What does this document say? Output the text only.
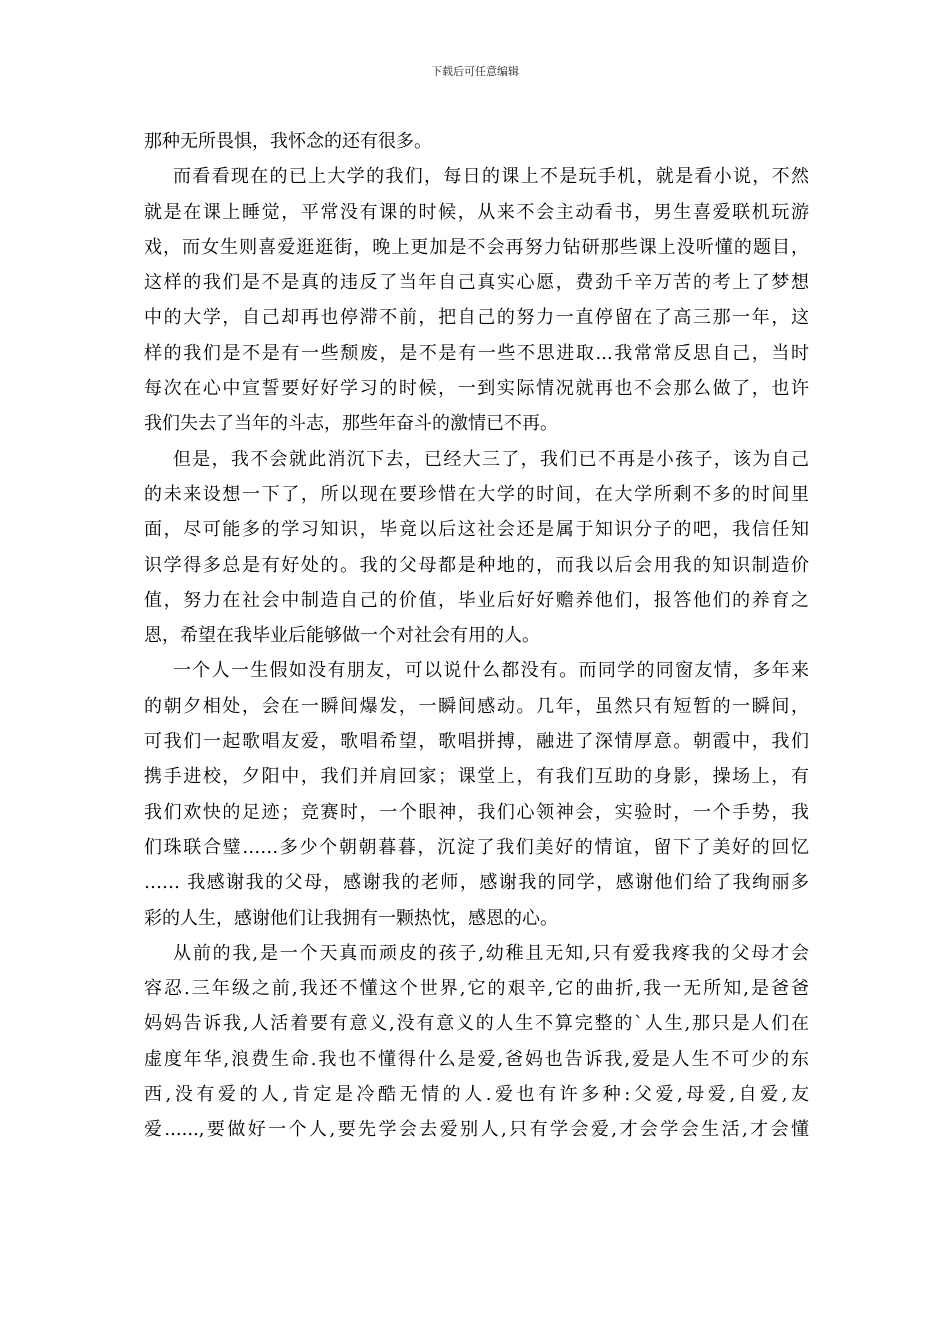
下载后可任意编辑
那种无所畏惧，我怀念的还有很多。
而看看现在的已上大学的我们，每日的课上不是玩手机，就是看小说，不然
就是在课上睡觉，平常没有课的时候，从来不会主动看书，男生喜爱联机玩游
戏，而女生则喜爱逛逛街，晚上更加是不会再努力钻研那些课上没听懂的题目，
这样的我们是不是真的违反了当年自己真实心愿，费劲千辛万苦的考上了梦想
中的大学，自己却再也停滞不前，把自己的努力一直停留在了高三那一年，这
样的我们是不是有一些颓废，是不是有一些不思进取...我常常反思自己，当时
每次在心中宣誓要好好学习的时候，一到实际情况就再也不会那么做了，也许
我们失去了当年的斗志，那些年奋斗的激情已不再。
但是，我不会就此消沉下去，已经大三了，我们已不再是小孩子，该为自己
的未来设想一下了，所以现在要珍惜在大学的时间，在大学所剩不多的时间里
面，尽可能多的学习知识，毕竟以后这社会还是属于知识分子的吧，我信任知
识学得多总是有好处的。我的父母都是种地的，而我以后会用我的知识制造价
值，努力在社会中制造自己的价值，毕业后好好赡养他们，报答他们的养育之
恩，希望在我毕业后能够做一个对社会有用的人。
一个人一生假如没有朋友，可以说什么都没有。而同学的同窗友情，多年来
的朝夕相处，会在一瞬间爆发，一瞬间感动。几年，虽然只有短暂的一瞬间，
可我们一起歌唱友爱，歌唱希望，歌唱拼搏，融进了深情厚意。朝霞中，我们
携手进校，夕阳中，我们并肩回家；课堂上，有我们互助的身影，操场上，有
我们欢快的足迹；竞赛时，一个眼神，我们心领神会，实验时，一个手势，我
们珠联合璧……多少个朝朝暮暮，沉淀了我们美好的情谊，留下了美好的回忆
…… 我感谢我的父母，感谢我的老师，感谢我的同学，感谢他们给了我绚丽多
彩的人生，感谢他们让我拥有一颗热忱，感恩的心。
从前的我,是一个天真而顽皮的孩子,幼稚且无知,只有爱我疼我的父母才会
容忍.三年级之前,我还不懂这个世界,它的艰辛,它的曲折,我一无所知,是爸爸
妈妈告诉我,人活着要有意义,没有意义的人生不算完整的`人生,那只是人们在
虚度年华,浪费生命.我也不懂得什么是爱,爸妈也告诉我,爱是人生不可少的东
西,没有爱的人,肯定是冷酷无情的人.爱也有许多种:父爱,母爱,自爱,友
爱......,要做好一个人,要先学会去爱别人,只有学会爱,才会学会生活,才会懂
